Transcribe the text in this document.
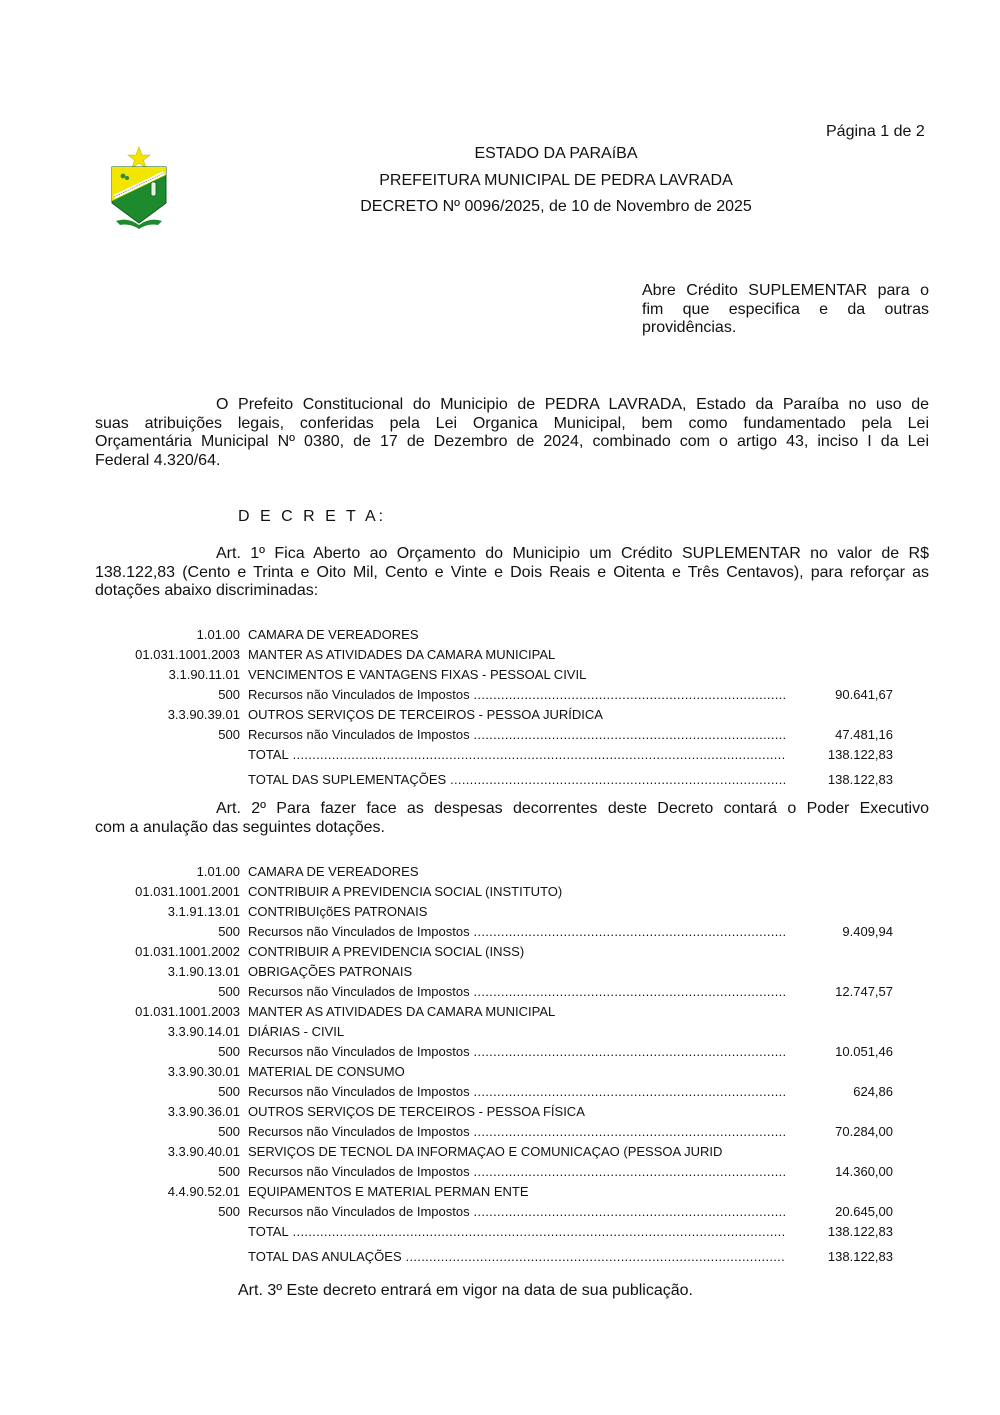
Página 1 de 2
ESTADO DA PARAíBA
PREFEITURA MUNICIPAL DE PEDRA LAVRADA
DECRETO Nº 0096/2025, de 10 de Novembro de 2025
Abre Crédito SUPLEMENTAR para o
fim que especifica e da outras
providências.
O Prefeito Constitucional do Municipio de PEDRA LAVRADA, Estado da Paraíba no uso de
suas atribuições legais, conferidas pela Lei Organica Municipal, bem como fundamentado pela Lei
Orçamentária Municipal Nº 0380, de 17 de Dezembro de 2024, combinado com o artigo 43, inciso I da Lei
Federal 4.320/64.
D E C R E T A:
Art. 1º Fica Aberto ao Orçamento do Municipio um Crédito SUPLEMENTAR no valor de R$
138.122,83 (Cento e Trinta e Oito Mil, Cento e Vinte e Dois Reais e Oitenta e Três Centavos), para reforçar as
dotações abaixo discriminadas:
1.01.00 CAMARA DE VEREADORES
01.031.1001.2003 MANTER AS ATIVIDADES DA CAMARA MUNICIPAL
3.1.90.11.01 VENCIMENTOS E VANTAGENS FIXAS - PESSOAL CIVIL
500 Recursos não Vinculados de Impostos .....	90.641,67
3.3.90.39.01 OUTROS SERVIÇOS DE TERCEIROS - PESSOA JURÍDICA
500 Recursos não Vinculados de Impostos .....	47.481,16
TOTAL .....	138.122,83
TOTAL DAS SUPLEMENTAÇÕES .....	138.122,83
Art. 2º Para fazer face as despesas decorrentes deste Decreto contará o Poder Executivo
com a anulação das seguintes dotações.
1.01.00 CAMARA DE VEREADORES
01.031.1001.2001 CONTRIBUIR A PREVIDENCIA SOCIAL (INSTITUTO)
3.1.91.13.01 CONTRIBUIçõES PATRONAIS
500 Recursos não Vinculados de Impostos .....	9.409,94
01.031.1001.2002 CONTRIBUIR A PREVIDENCIA SOCIAL (INSS)
3.1.90.13.01 OBRIGAÇÕES PATRONAIS
500 Recursos não Vinculados de Impostos .....	12.747,57
01.031.1001.2003 MANTER AS ATIVIDADES DA CAMARA MUNICIPAL
3.3.90.14.01 DIÁRIAS - CIVIL
500 Recursos não Vinculados de Impostos .....	10.051,46
3.3.90.30.01 MATERIAL DE CONSUMO
500 Recursos não Vinculados de Impostos .....	624,86
3.3.90.36.01 OUTROS SERVIÇOS DE TERCEIROS - PESSOA FÍSICA
500 Recursos não Vinculados de Impostos .....	70.284,00
3.3.90.40.01 SERVIÇOS DE TECNOL DA INFORMAÇAO E COMUNICAÇAO (PESSOA JURID
500 Recursos não Vinculados de Impostos .....	14.360,00
4.4.90.52.01 EQUIPAMENTOS E MATERIAL PERMAN ENTE
500 Recursos não Vinculados de Impostos .....	20.645,00
TOTAL .....	138.122,83
TOTAL DAS ANULAÇÕES .....	138.122,83
Art. 3º Este decreto entrará em vigor na data de sua publicação.
